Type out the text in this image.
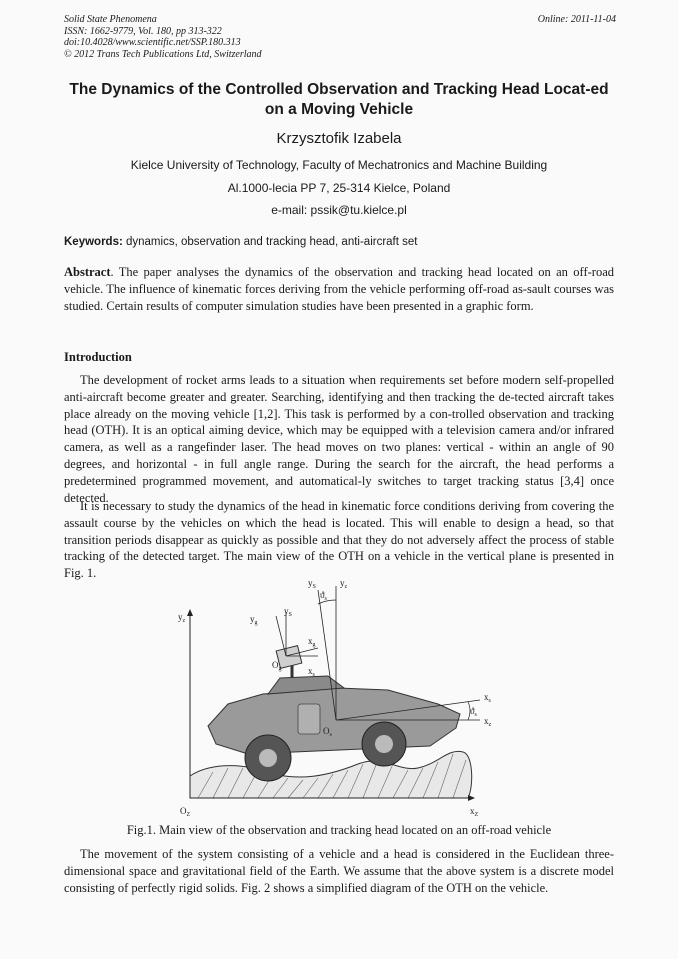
Solid State Phenomena
ISSN: 1662-9779, Vol. 180, pp 313-322
doi:10.4028/www.scientific.net/SSP.180.313
© 2012 Trans Tech Publications Ltd, Switzerland
Online: 2011-11-04
The Dynamics of the Controlled Observation and Tracking Head Locat-ed on a Moving Vehicle
Krzysztofik Izabela
Kielce University of Technology, Faculty of Mechatronics and Machine Building
Al.1000-lecia PP 7, 25-314 Kielce, Poland
e-mail: pssik@tu.kielce.pl
Keywords: dynamics, observation and tracking head, anti-aircraft set
Abstract. The paper analyses the dynamics of the observation and tracking head located on an off-road vehicle. The influence of kinematic forces deriving from the vehicle performing off-road as-sault courses was studied. Certain results of computer simulation studies have been presented in a graphic form.
Introduction
The development of rocket arms leads to a situation when requirements set before modern self-propelled anti-aircraft become greater and greater. Searching, identifying and then tracking the de-tected aircraft takes place already on the moving vehicle [1,2]. This task is performed by a con-trolled observation and tracking head (OTH). It is an optical aiming device, which may be equipped with a television camera and/or infrared camera, as well as a rangefinder laser. The head moves on two planes: vertical - within an angle of 90 degrees, and horizontal - in full angle range. During the search for the aircraft, the head performs a predetermined programmed movement, and automatical-ly switches to target tracking status [3,4] once detected.
It is necessary to study the dynamics of the head in kinematic force conditions deriving from covering the assault course by the vehicles on which the head is located. This will enable to design a head, so that transition periods disappear as quickly as possible and that they do not adversely affect the process of stable tracking of the detected target. The main view of the OTH on a vehicle in the vertical plane is presented in Fig. 1.
$y_S$	$y_z$
$ϑ_s$
$y_g$
$y_S$
$x_g$
$x_s$
$O_g$
$O_s$
$x_s$
$x_z$
$ϑ_s$
$O_Z$	$x_Z$
$y_z$
Fig.1. Main view of the observation and tracking head located on an off-road vehicle
The movement of the system consisting of a vehicle and a head is considered in the Euclidean three-dimensional space and gravitational field of the Earth. We assume that the above system is a discrete model consisting of perfectly rigid solids. Fig. 2 shows a simplified diagram of the OTH on the vehicle.
